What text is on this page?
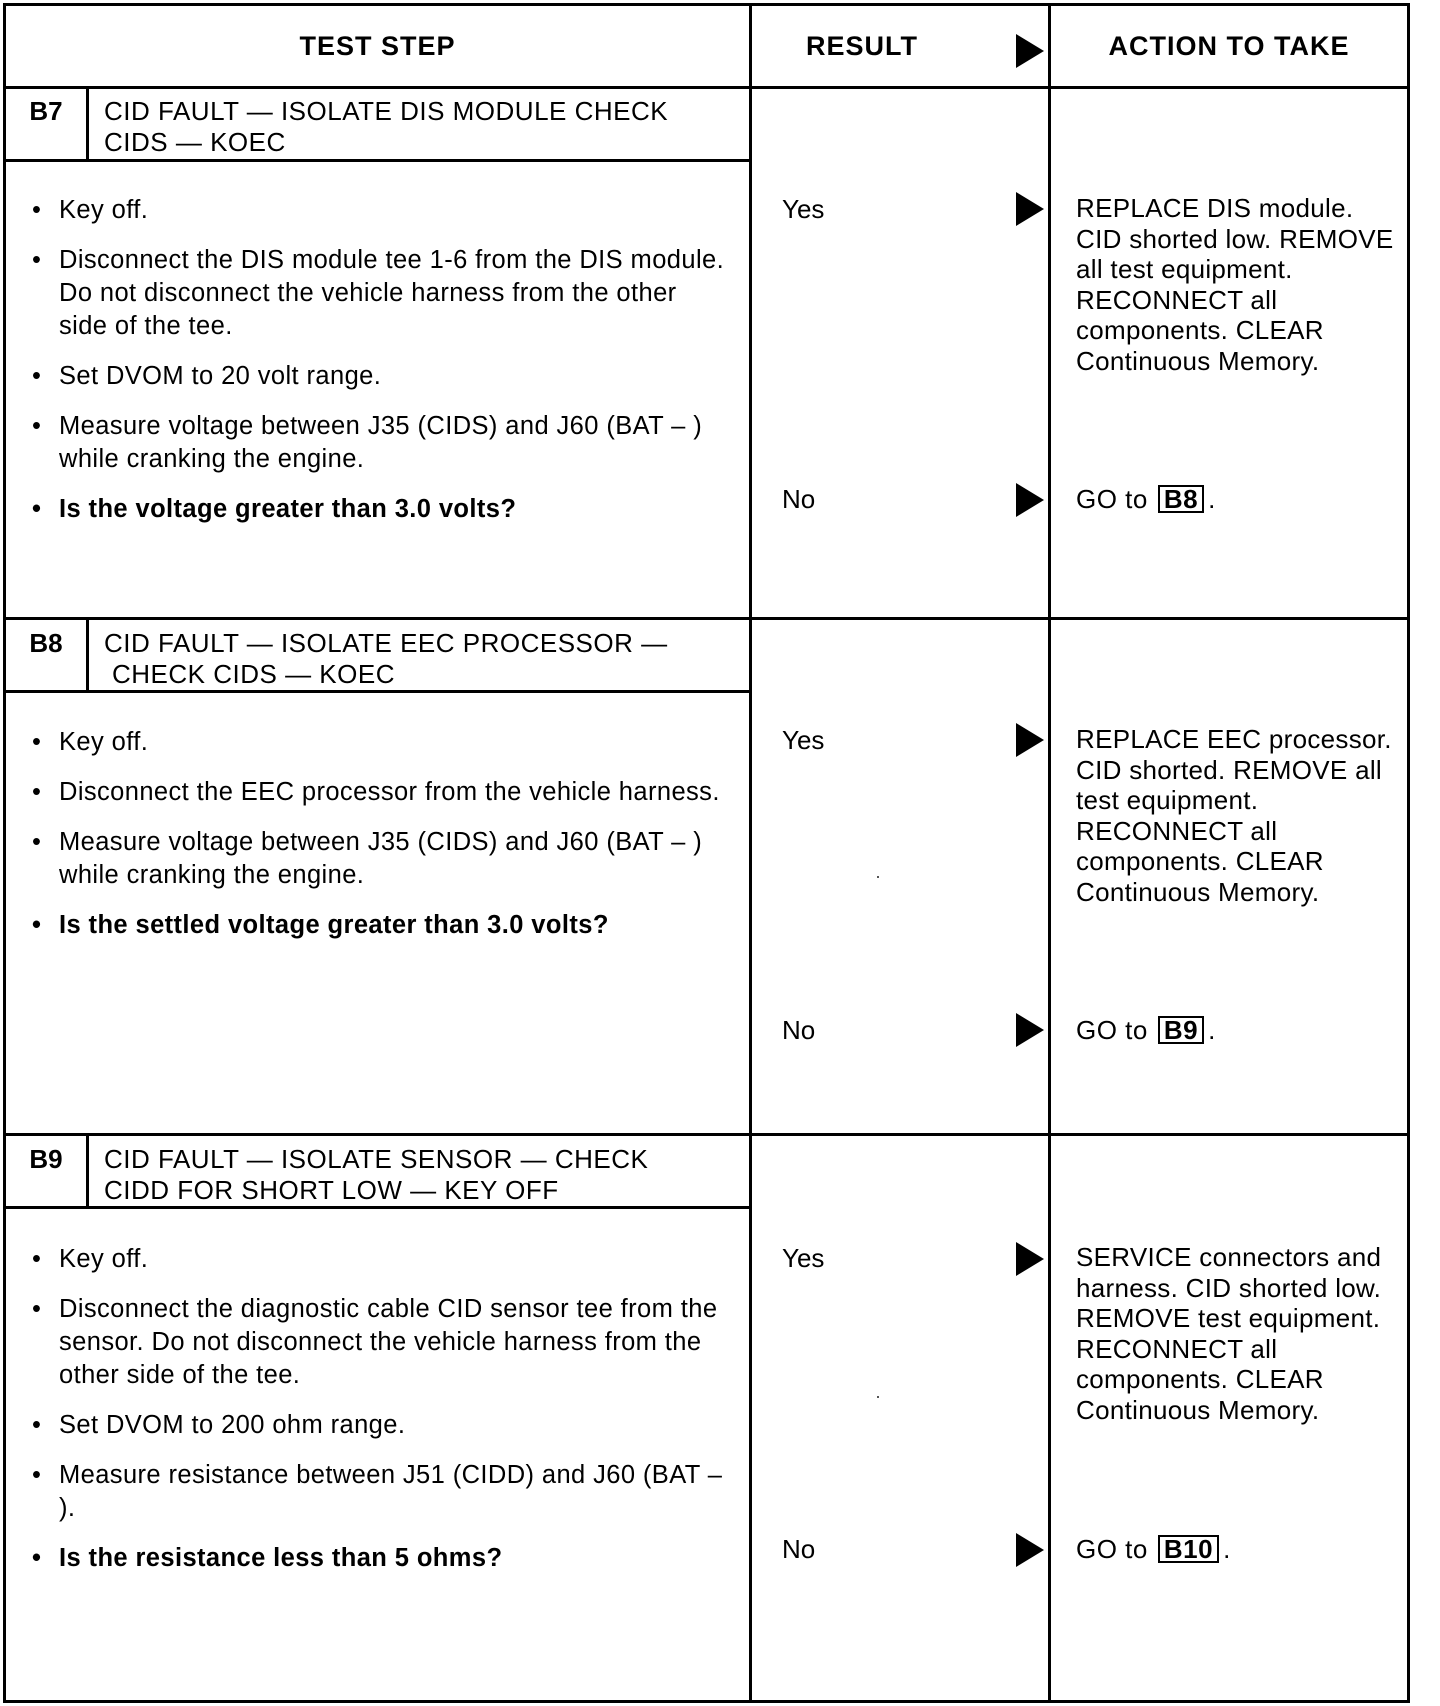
TEST STEP	RESULT	ACTION TO TAKE
B7	CID FAULT — ISOLATE DIS MODULE CHECK
CIDS — KOEC
• Key off.
• Disconnect the DIS module tee 1-6 from the DIS module. Do not disconnect the vehicle harness from the other side of the tee.
• Set DVOM to 20 volt range.
• Measure voltage between J35 (CIDS) and J60 (BAT – ) while cranking the engine.
• Is the voltage greater than 3.0 volts?
Yes	REPLACE DIS module. CID shorted low. REMOVE all test equipment. RECONNECT all components. CLEAR Continuous Memory.
No	GO to B8 .
B8	CID FAULT — ISOLATE EEC PROCESSOR —
CHECK CIDS — KOEC
• Key off.
• Disconnect the EEC processor from the vehicle harness.
• Measure voltage between J35 (CIDS) and J60 (BAT – ) while cranking the engine.
• Is the settled voltage greater than 3.0 volts?
Yes	REPLACE EEC processor. CID shorted. REMOVE all test equipment. RECONNECT all components. CLEAR Continuous Memory.
No	GO to B9 .
B9	CID FAULT — ISOLATE SENSOR — CHECK
CIDD FOR SHORT LOW — KEY OFF
• Key off.
• Disconnect the diagnostic cable CID sensor tee from the sensor. Do not disconnect the vehicle harness from the other side of the tee.
• Set DVOM to 200 ohm range.
• Measure resistance between J51 (CIDD) and J60 (BAT – ).
• Is the resistance less than 5 ohms?
Yes	SERVICE connectors and harness. CID shorted low. REMOVE test equipment. RECONNECT all components. CLEAR Continuous Memory.
No	GO to B10 .
